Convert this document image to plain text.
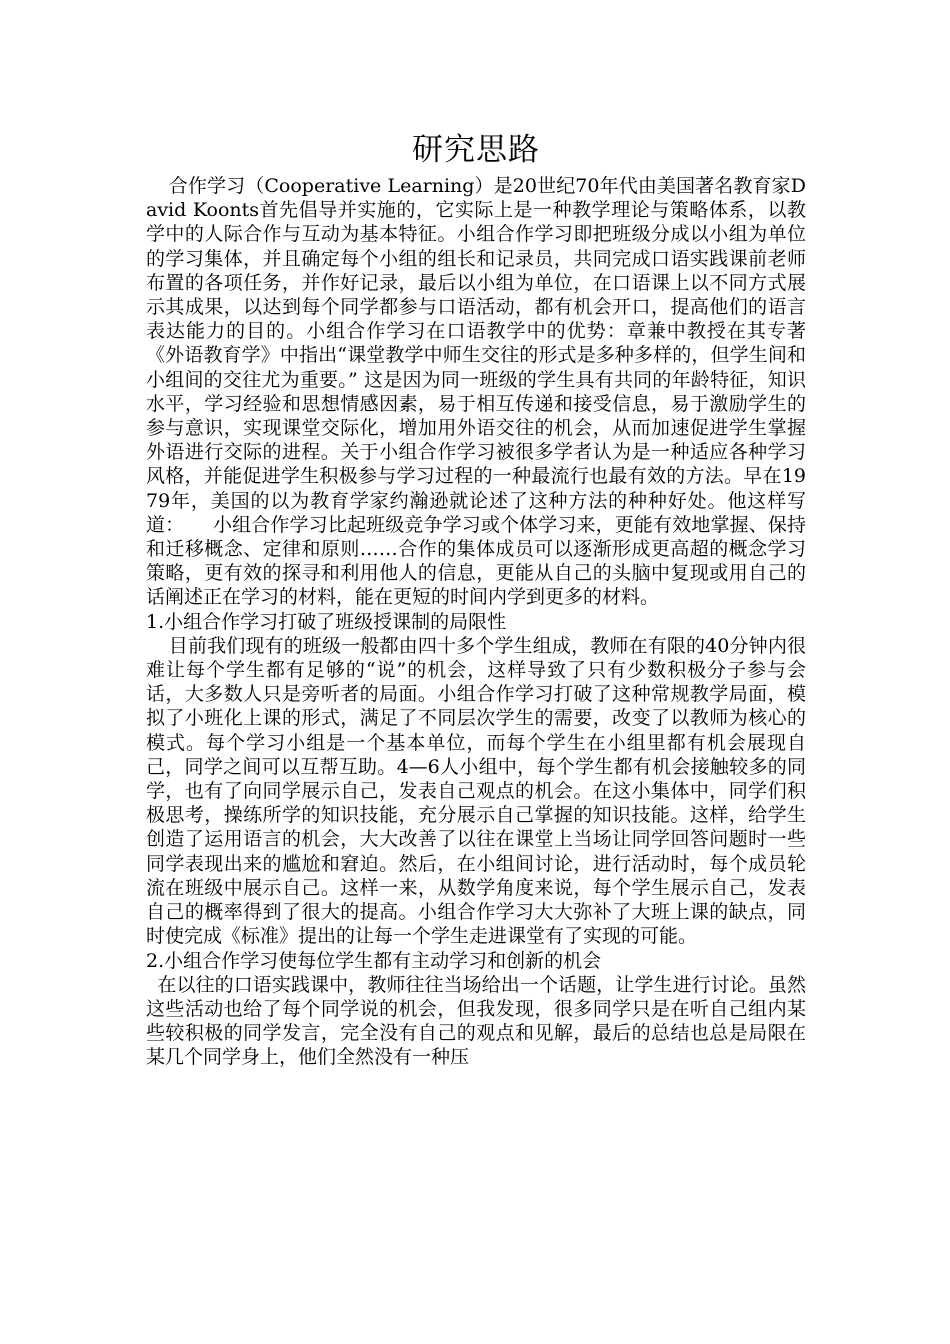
研究思路

合作学习（Cooperative Learning）是20世纪70年代由美国著名教育家David Koonts首先倡导并实施的，它实际上是一种教学理论与策略体系，以教学中的人际合作与互动为基本特征。小组合作学习即把班级分成以小组为单位的学习集体，并且确定每个小组的组长和记录员，共同完成口语实践课前老师布置的各项任务，并作好记录，最后以小组为单位，在口语课上以不同方式展示其成果，以达到每个同学都参与口语活动，都有机会开口，提高他们的语言表达能力的目的。小组合作学习在口语教学中的优势：章兼中教授在其专著《外语教育学》中指出“课堂教学中师生交往的形式是多种多样的，但学生间和小组间的交往尤为重要。” 这是因为同一班级的学生具有共同的年龄特征，知识水平，学习经验和思想情感因素，易于相互传递和接受信息，易于激励学生的参与意识，实现课堂交际化，增加用外语交往的机会，从而加速促进学生掌握外语进行交际的进程。关于小组合作学习被很多学者认为是一种适应各种学习风格，并能促进学生积极参与学习过程的一种最流行也最有效的方法。早在1979年，美国的以为教育学家约瀚逊就论述了这种方法的种种好处。他这样写道：　　小组合作学习比起班级竞争学习或个体学习来，更能有效地掌握、保持和迁移概念、定律和原则……合作的集体成员可以逐渐形成更高超的概念学习策略，更有效的探寻和利用他人的信息，更能从自己的头脑中复现或用自己的话阐述正在学习的材料，能在更短的时间内学到更多的材料。

1.小组合作学习打破了班级授课制的局限性

目前我们现有的班级一般都由四十多个学生组成，教师在有限的40分钟内很难让每个学生都有足够的“说”的机会，这样导致了只有少数积极分子参与会话，大多数人只是旁听者的局面。小组合作学习打破了这种常规教学局面，模拟了小班化上课的形式，满足了不同层次学生的需要，改变了以教师为核心的模式。每个学习小组是一个基本单位，而每个学生在小组里都有机会展现自己，同学之间可以互帮互助。4—6人小组中，每个学生都有机会接触较多的同学，也有了向同学展示自己，发表自己观点的机会。在这小集体中，同学们积极思考，操练所学的知识技能，充分展示自己掌握的知识技能。这样，给学生创造了运用语言的机会，大大改善了以往在课堂上当场让同学回答问题时一些同学表现出来的尴尬和窘迫。然后，在小组间讨论，进行活动时，每个成员轮流在班级中展示自己。这样一来，从数学角度来说，每个学生展示自己，发表自己的概率得到了很大的提高。小组合作学习大大弥补了大班上课的缺点，同时使完成《标准》提出的让每一个学生走进课堂有了实现的可能。

2.小组合作学习使每位学生都有主动学习和创新的机会

在以往的口语实践课中，教师往往当场给出一个话题，让学生进行讨论。虽然这些活动也给了每个同学说的机会，但我发现，很多同学只是在听自己组内某些较积极的同学发言，完全没有自己的观点和见解，最后的总结也总是局限在某几个同学身上，他们全然没有一种压
